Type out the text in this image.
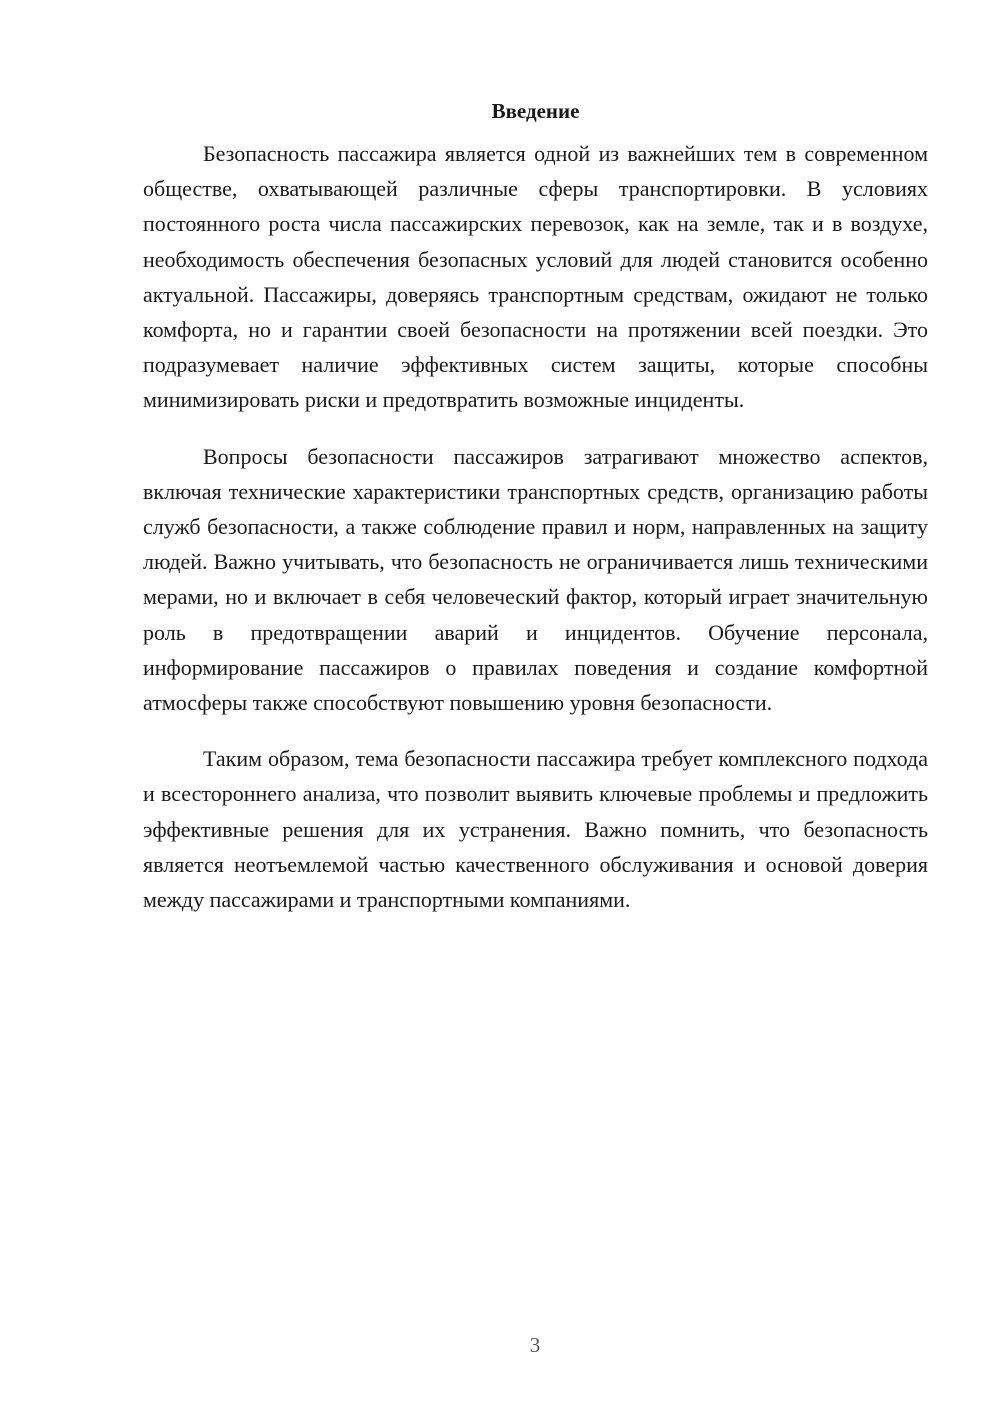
Введение

Безопасность пассажира является одной из важнейших тем в современном обществе, охватывающей различные сферы транспортировки. В условиях постоянного роста числа пассажирских перевозок, как на земле, так и в воздухе, необходимость обеспечения безопасных условий для людей становится особенно актуальной. Пассажиры, доверяясь транспортным средствам, ожидают не только комфорта, но и гарантии своей безопасности на протяжении всей поездки. Это подразумевает наличие эффективных систем защиты, которые способны минимизировать риски и предотвратить возможные инциденты.

Вопросы безопасности пассажиров затрагивают множество аспектов, включая технические характеристики транспортных средств, организацию работы служб безопасности, а также соблюдение правил и норм, направленных на защиту людей. Важно учитывать, что безопасность не ограничивается лишь техническими мерами, но и включает в себя человеческий фактор, который играет значительную роль в предотвращении аварий и инцидентов. Обучение персонала, информирование пассажиров о правилах поведения и создание комфортной атмосферы также способствуют повышению уровня безопасности.

Таким образом, тема безопасности пассажира требует комплексного подхода и всестороннего анализа, что позволит выявить ключевые проблемы и предложить эффективные решения для их устранения. Важно помнить, что безопасность является неотъемлемой частью качественного обслуживания и основой доверия между пассажирами и транспортными компаниями.

3
